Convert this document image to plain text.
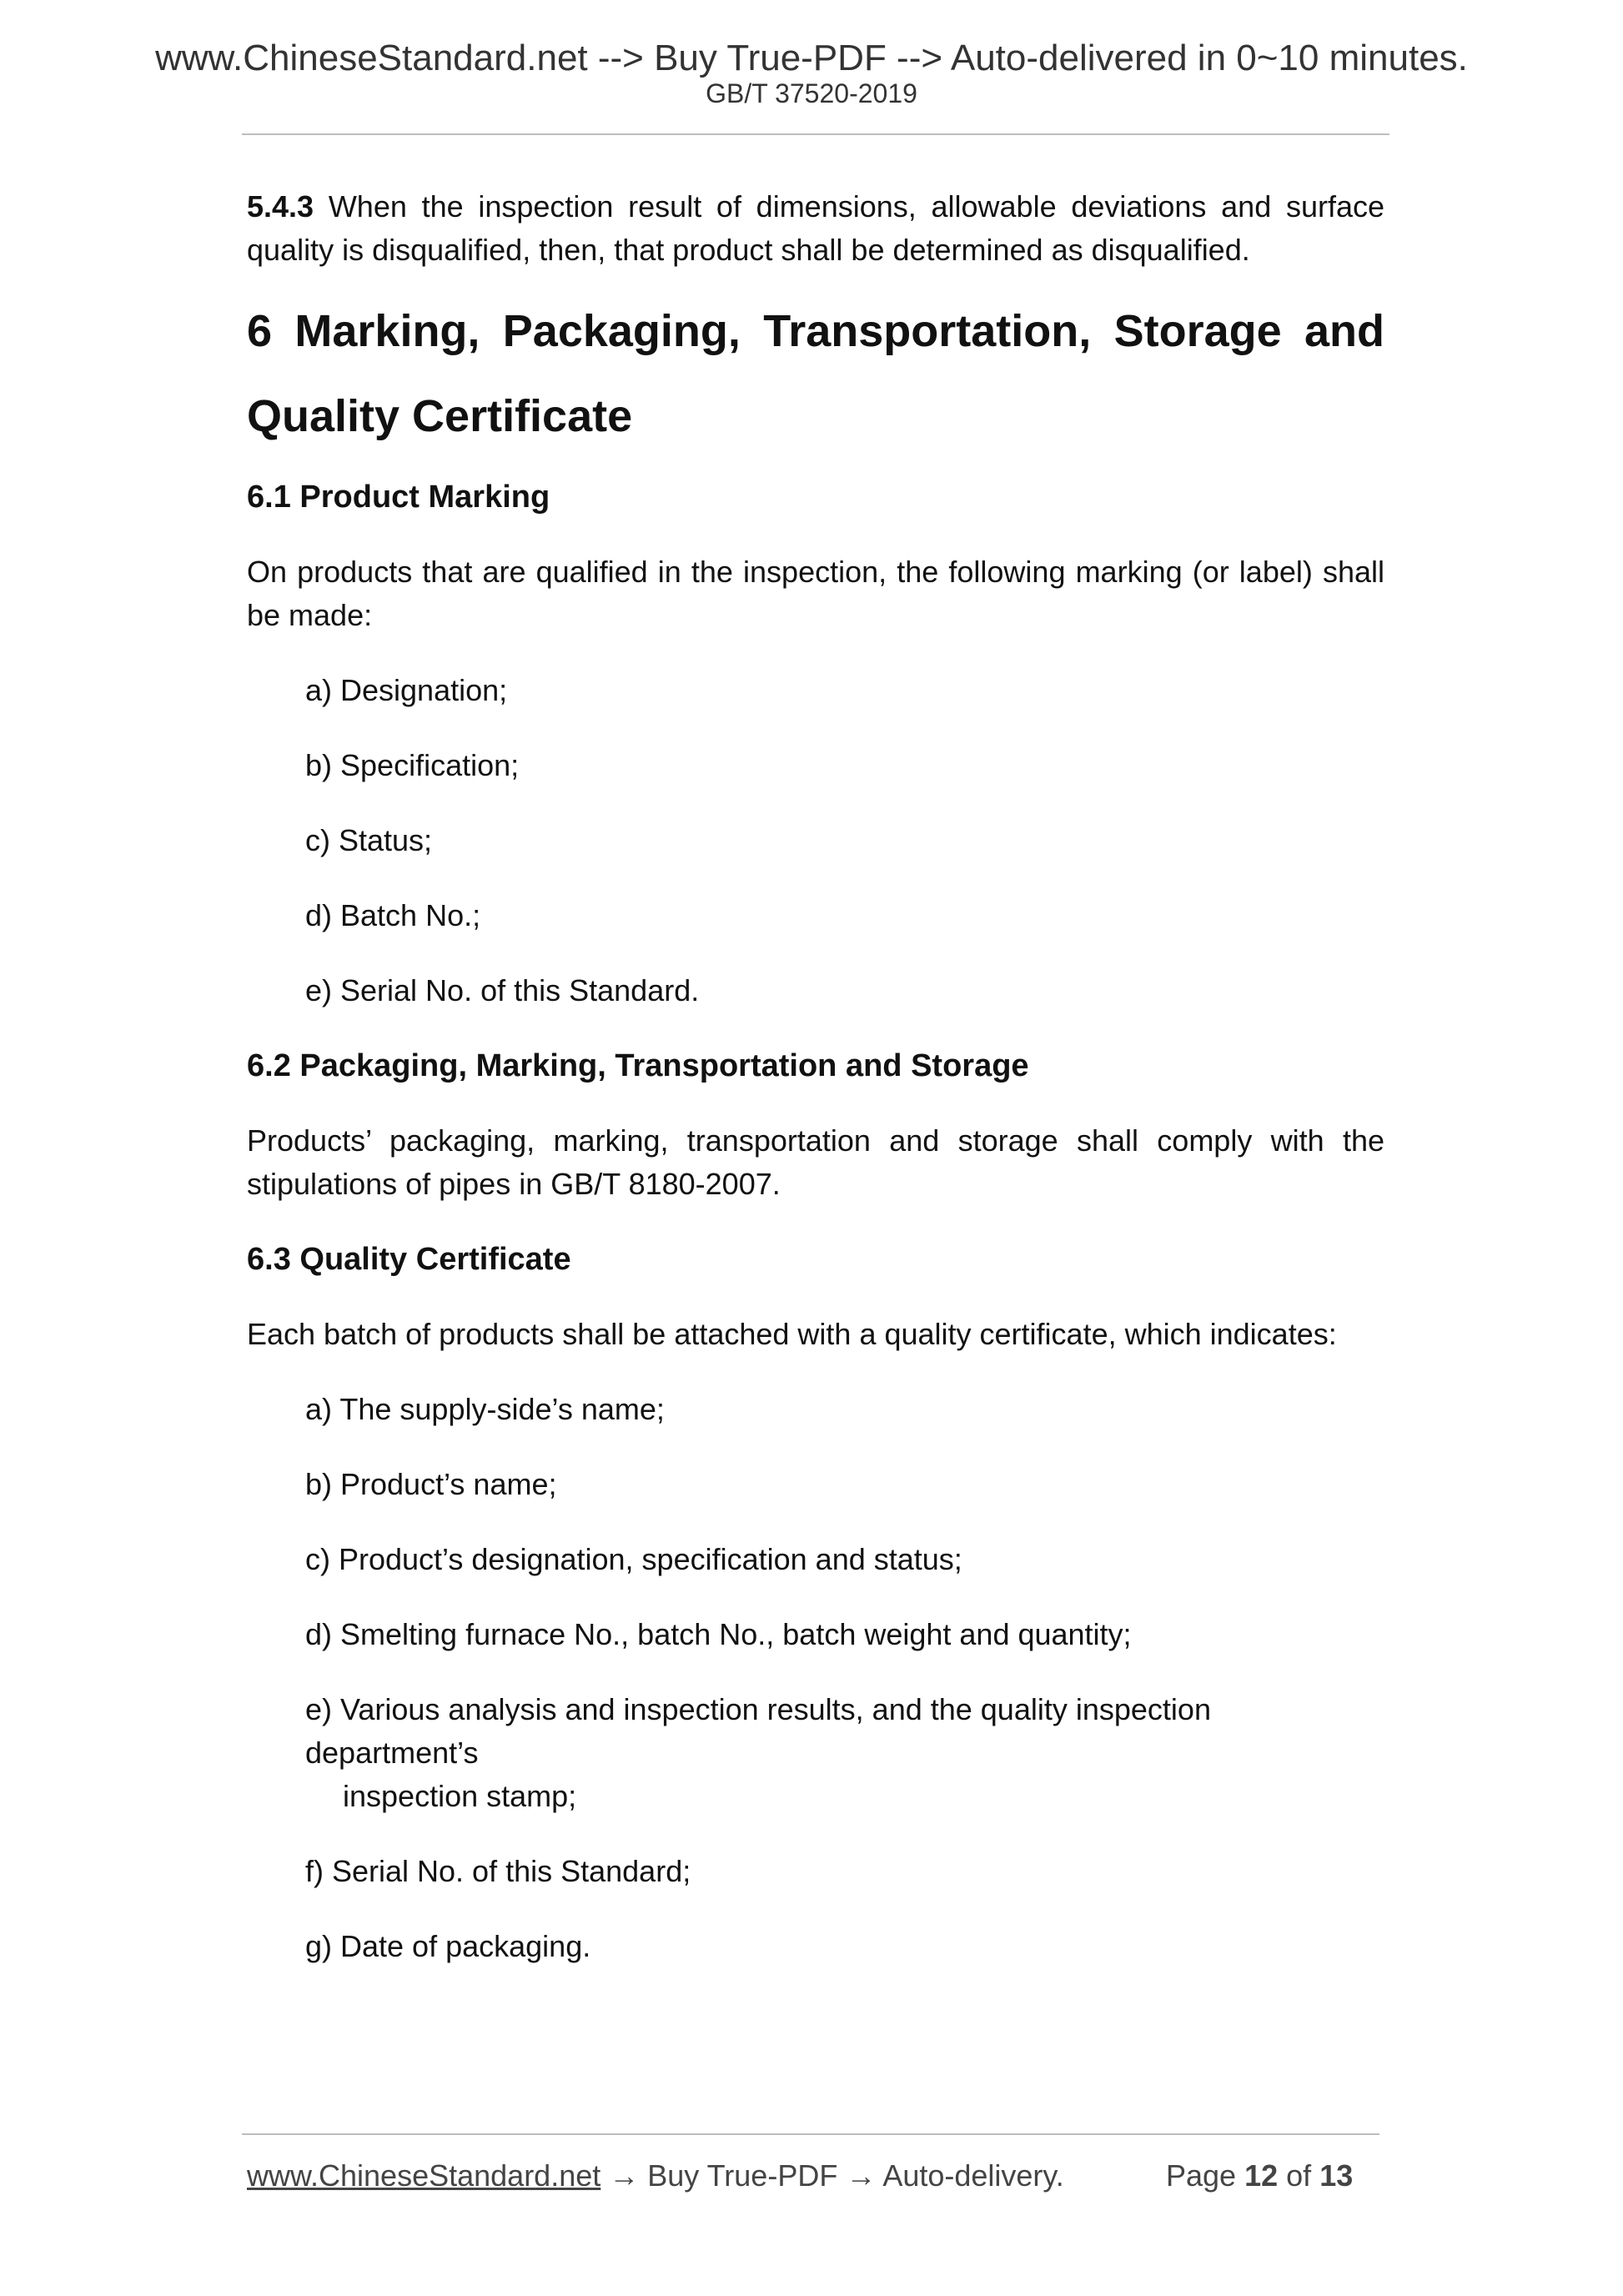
www.ChineseStandard.net --> Buy True-PDF --> Auto-delivered in 0~10 minutes.
GB/T 37520-2019

5.4.3 When the inspection result of dimensions, allowable deviations and surface quality is disqualified, then, that product shall be determined as disqualified.

6 Marking, Packaging, Transportation, Storage and
Quality Certificate

6.1 Product Marking

On products that are qualified in the inspection, the following marking (or label) shall be made:

a) Designation;

b) Specification;

c) Status;

d) Batch No.;

e) Serial No. of this Standard.

6.2 Packaging, Marking, Transportation and Storage

Products’ packaging, marking, transportation and storage shall comply with the stipulations of pipes in GB/T 8180-2007.

6.3 Quality Certificate

Each batch of products shall be attached with a quality certificate, which indicates:

a) The supply-side’s name;

b) Product’s name;

c) Product’s designation, specification and status;

d) Smelting furnace No., batch No., batch weight and quantity;

e) Various analysis and inspection results, and the quality inspection department’s
inspection stamp;

f) Serial No. of this Standard;

g) Date of packaging.

www.ChineseStandard.net → Buy True-PDF → Auto-delivery.	Page 12 of 13
